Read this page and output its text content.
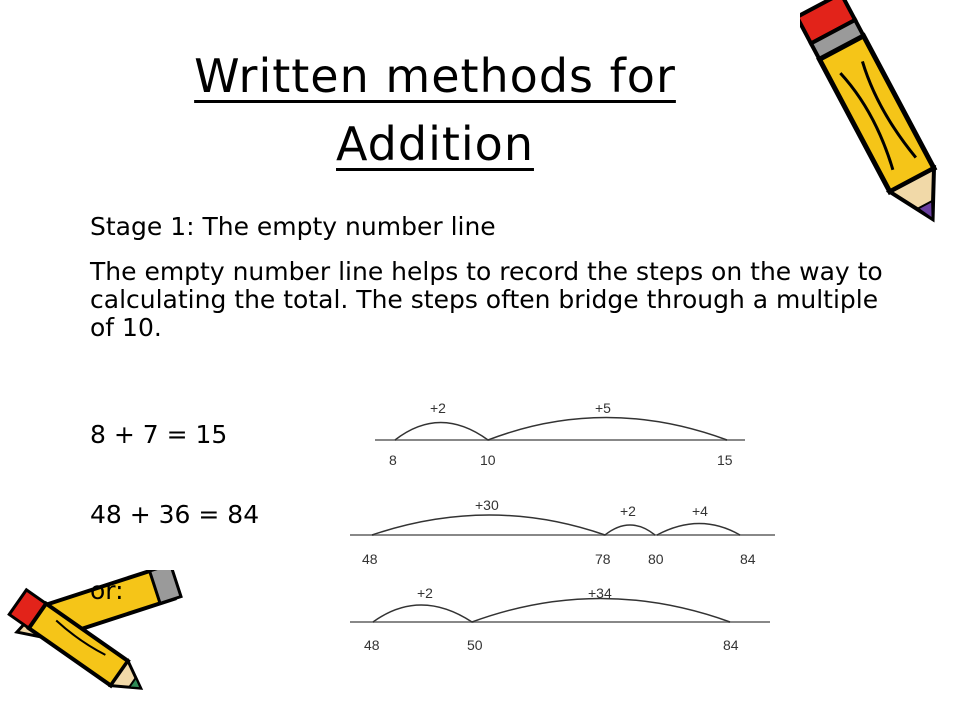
Written methods for
Addition
Stage 1: The empty number line
The empty number line helps to record the steps on the way to calculating the total. The steps often bridge through a multiple of 10.
8 + 7 = 15
48 + 36 = 84
or:
+2	+5
8	10	15
+30	+2	+4
48	78	80	84
+2	+34
48	50	84
